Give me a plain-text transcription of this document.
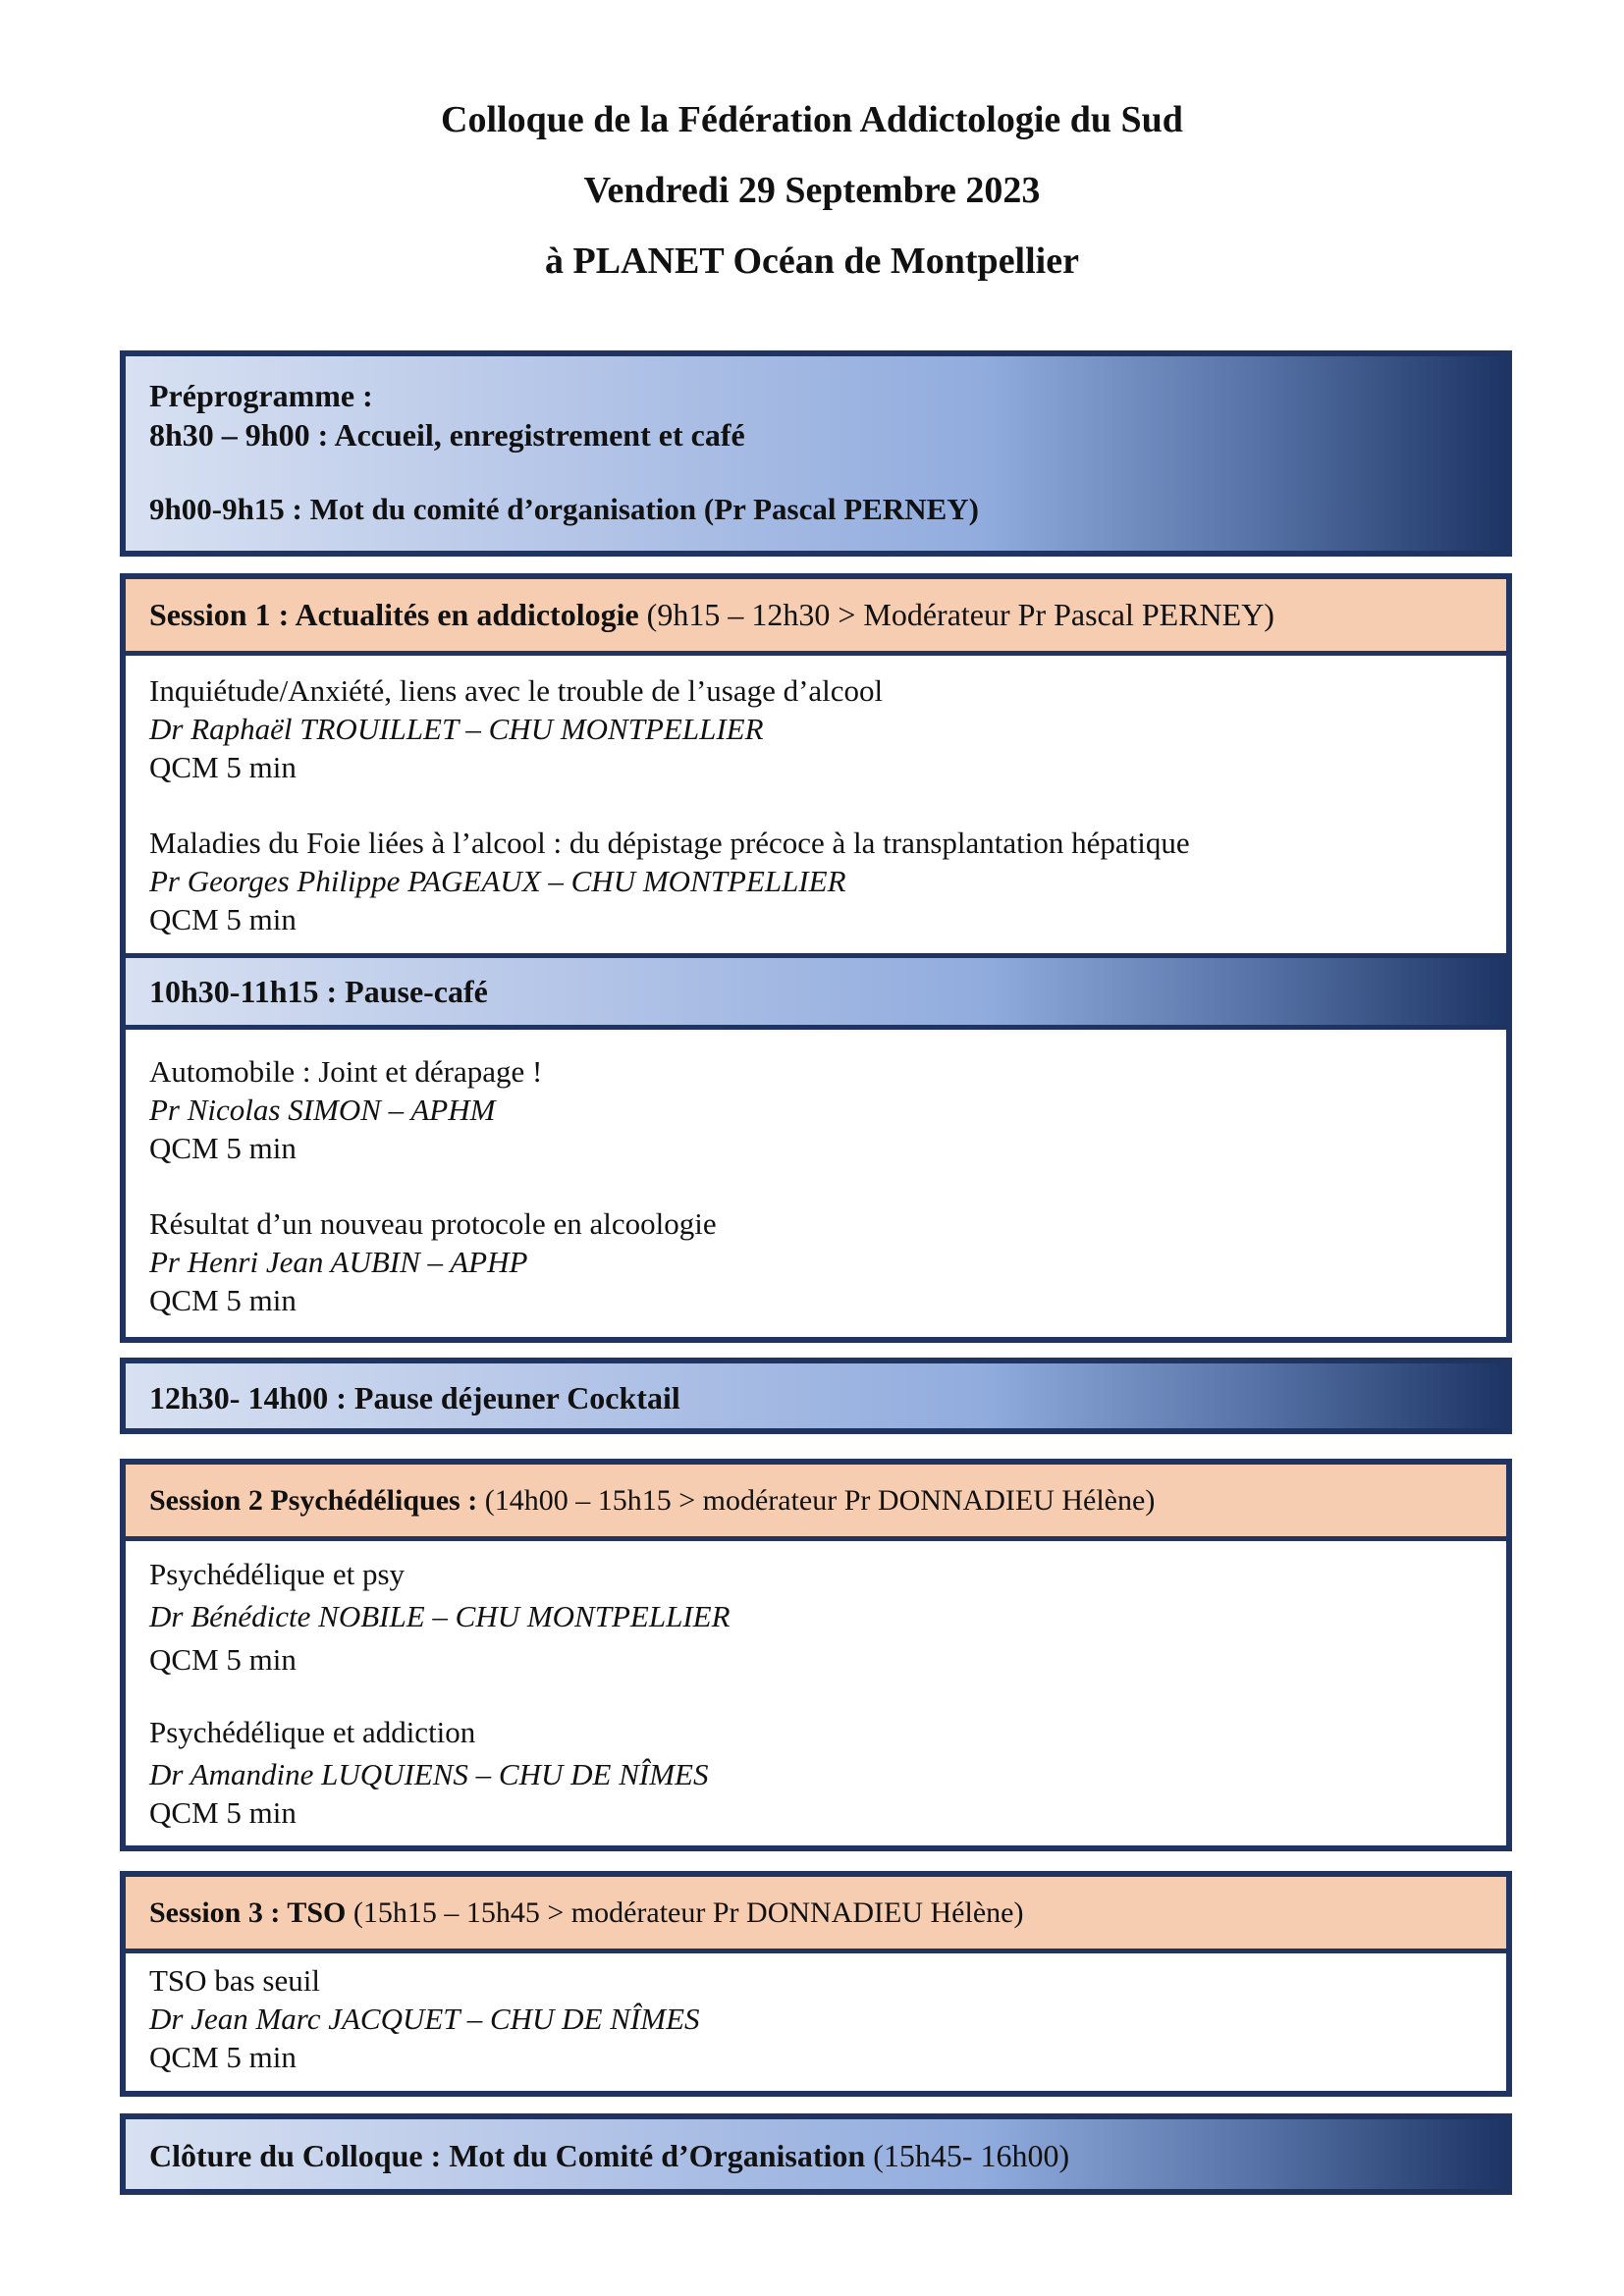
Colloque de la Fédération Addictologie du Sud
Vendredi 29 Septembre 2023
à PLANET Océan de Montpellier
Préprogramme :
8h30 – 9h00 : Accueil, enregistrement et café
9h00-9h15 : Mot du comité d’organisation (Pr Pascal PERNEY)
Session 1 : Actualités en addictologie (9h15 – 12h30 > Modérateur Pr Pascal PERNEY)
Inquiétude/Anxiété, liens avec le trouble de l’usage d’alcool
Dr Raphaël TROUILLET – CHU MONTPELLIER
QCM 5 min
Maladies du Foie liées à l’alcool : du dépistage précoce à la transplantation hépatique
Pr Georges Philippe PAGEAUX – CHU MONTPELLIER
QCM 5 min
10h30-11h15 : Pause-café
Automobile : Joint et dérapage !
Pr Nicolas SIMON – APHM
QCM 5 min
Résultat d’un nouveau protocole en alcoologie
Pr Henri Jean AUBIN – APHP
QCM 5 min
12h30- 14h00 : Pause déjeuner Cocktail
Session 2 Psychédéliques : (14h00 – 15h15 > modérateur Pr DONNADIEU Hélène)
Psychédélique et psy
Dr Bénédicte NOBILE – CHU MONTPELLIER
QCM 5 min
Psychédélique et addiction
Dr Amandine LUQUIENS – CHU DE NÎMES
QCM 5 min
Session 3 : TSO (15h15 – 15h45 > modérateur Pr DONNADIEU Hélène)
TSO bas seuil
Dr Jean Marc JACQUET – CHU DE NÎMES
QCM 5 min
Clôture du Colloque : Mot du Comité d’Organisation (15h45- 16h00)
